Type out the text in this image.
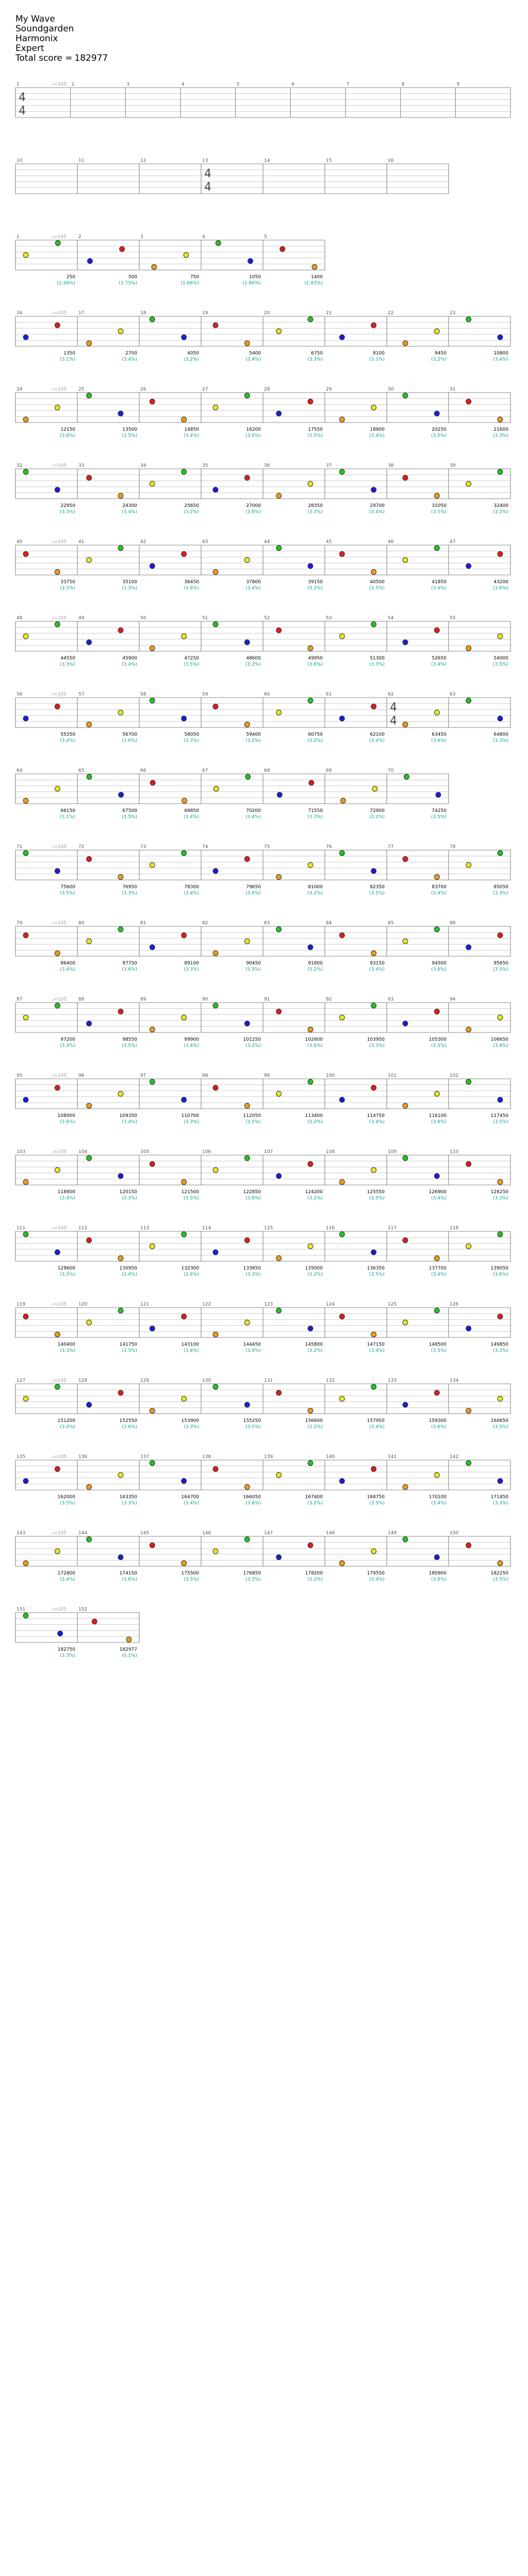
My Wave
Soundgarden
Harmonix
Expert
Total score = 182977
1	2	3	4	5	6	7	8	9
♩=105
4
4
10	11	12	13	14	15	16
4
4
1	2	3	4	5
♩=105
250
(1.49%)
500
(1.75%)
750
(1.66%)
1050
(1.86%)
1400
(1.83%)
16	17	18	19	20	21	22	23
♩=105
1350
(3.1%)
2700
(3.4%)
4050
(3.2%)
5400
(3.4%)
6750
(3.3%)
8100
(3.1%)
9450
(3.2%)
10800
(3.4%)
24	25	26	27	28	29	30	31
♩=105
12150
(3.6%)
13500
(3.5%)
14850
(3.4%)
16200
(3.6%)
17550
(3.5%)
18900
(3.4%)
20250
(3.5%)
21600
(3.3%)
32	33	34	35	36	37	38	39
♩=105
22950
(3.3%)
24300
(3.4%)
25650
(3.2%)
27000
(3.6%)
28350
(3.3%)
29700
(3.4%)
31050
(3.5%)
32400
(3.2%)
40	41	42	43	44	45	46	47
♩=105
33750
(3.5%)
35100
(3.3%)
36450
(3.6%)
37800
(3.4%)
39150
(3.2%)
40500
(3.5%)
41850
(3.4%)
43200
(3.6%)
48	49	50	51	52	53	54	55
♩=105
44550
(3.3%)
45900
(3.4%)
47250
(3.5%)
48600
(3.2%)
49950
(3.6%)
51300
(3.3%)
52650
(3.4%)
54000
(3.5%)
56	57	58	59	60	61	62	63
♩=105
4
4
55350
(3.4%)
56700
(3.6%)
58050
(3.3%)
59400
(3.5%)
60750
(3.2%)
62100
(3.4%)
63450
(3.6%)
64800
(3.3%)
64	65	66	67	68	69	70
66150
(3.1%)
67500
(3.5%)
68850
(3.4%)
70200
(3.6%)
71550
(3.3%)
72900
(3.2%)
74250
(3.5%)
71	72	73	74	75	76	77	78
♩=105
75600
(3.5%)
76950
(3.3%)
78300
(3.4%)
79650
(3.6%)
81000
(3.2%)
82350
(3.5%)
83700
(3.4%)
85050
(3.3%)
79	80	81	82	83	84	85	86
♩=105
86400
(3.4%)
87750
(3.6%)
89100
(3.3%)
90450
(3.5%)
91800
(3.2%)
93150
(3.4%)
94500
(3.6%)
95850
(3.5%)
87	88	89	90	91	92	93	94
♩=105
97200
(3.3%)
98550
(3.5%)
99900
(3.4%)
101250
(3.2%)
102600
(3.6%)
103950
(3.3%)
105300
(3.5%)
106650
(3.4%)
95	96	97	98	99	100	101	102
♩=105
108000
(3.6%)
109350
(3.4%)
110700
(3.3%)
112050
(3.5%)
113400
(3.2%)
114750
(3.4%)
116100
(3.6%)
117450
(3.5%)
103	104	105	106	107	108	109	110
♩=105
118800
(3.4%)
120150
(3.3%)
121500
(3.5%)
122850
(3.6%)
124200
(3.2%)
125550
(3.5%)
126900
(3.4%)
128250
(3.3%)
111	112	113	114	115	116	117	118
♩=105
129600
(3.5%)
130950
(3.4%)
132300
(3.6%)
133650
(3.3%)
135000
(3.2%)
136350
(3.5%)
137700
(3.4%)
139050
(3.6%)
119	120	121	122	123	124	125	126
♩=105
140400
(3.3%)
141750
(3.5%)
143100
(3.4%)
144450
(3.6%)
145800
(3.2%)
147150
(3.4%)
148500
(3.5%)
149850
(3.3%)
127	128	129	130	131	132	133	134
♩=105
151200
(3.4%)
152550
(3.6%)
153900
(3.3%)
155250
(3.5%)
156600
(3.2%)
157950
(3.4%)
159300
(3.6%)
160650
(3.5%)
135	136	137	138	139	140	141	142
♩=105
162000
(3.5%)
163350
(3.3%)
164700
(3.4%)
166050
(3.6%)
167400
(3.2%)
168750
(3.5%)
170100
(3.4%)
171450
(3.3%)
143	144	145	146	147	148	149	150
♩=105
172800
(3.4%)
174150
(3.6%)
175500
(3.5%)
176850
(3.3%)
178200
(3.2%)
179550
(3.4%)
180900
(3.6%)
182250
(3.5%)
151	152
♩=105
182750
(3.3%)
182977
(0.1%)
